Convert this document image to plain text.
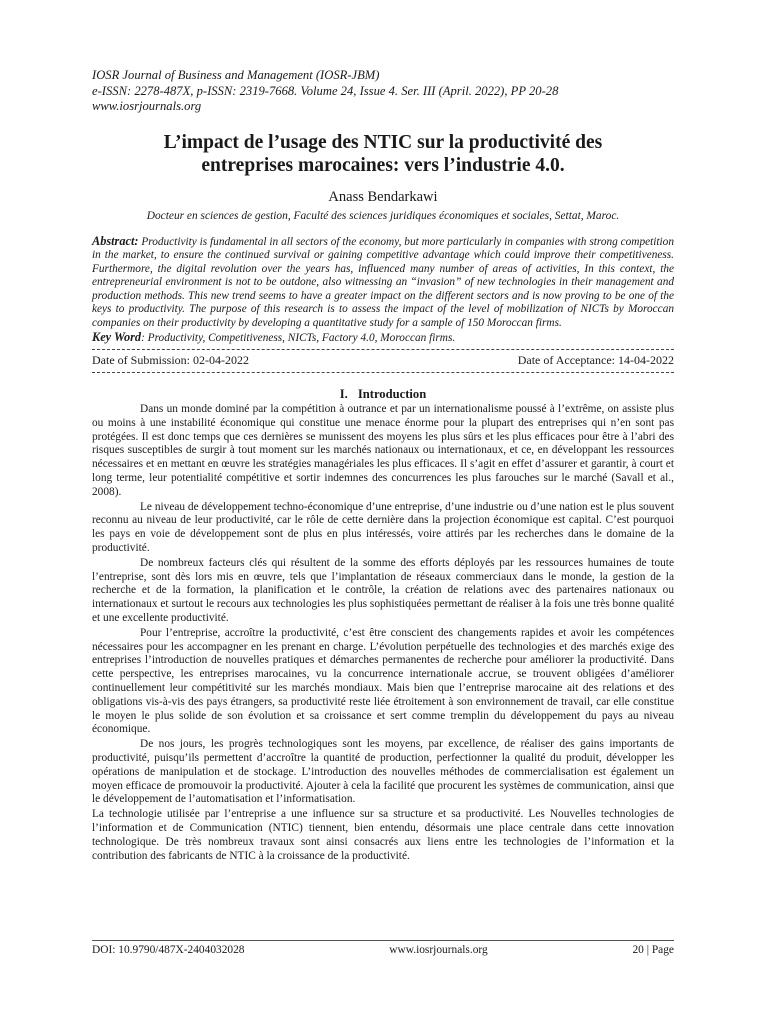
IOSR Journal of Business and Management (IOSR-JBM)
e-ISSN: 2278-487X, p-ISSN: 2319-7668. Volume 24, Issue 4. Ser. III (April. 2022), PP 20-28
www.iosrjournals.org
L’impact de l’usage des NTIC sur la productivité des
entreprises marocaines: vers l’industrie 4.0.
Anass Bendarkawi
Docteur en sciences de gestion, Faculté des sciences juridiques économiques et sociales, Settat, Maroc.
Abstract: Productivity is fundamental in all sectors of the economy, but more particularly in companies with strong competition in the market, to ensure the continued survival or gaining competitive advantage which could improve their competitiveness. Furthermore, the digital revolution over the years has, influenced many number of areas of activities, In this context, the entrepreneurial environment is not to be outdone, also witnessing an “invasion” of new technologies in their management and production methods. This new trend seems to have a greater impact on the different sectors and is now proving to be one of the keys to productivity. The purpose of this research is to assess the impact of the level of mobilization of NICTs by Moroccan companies on their productivity by developing a quantitative study for a sample of 150 Moroccan firms.
Key Word: Productivity, Competitiveness, NICTs, Factory 4.0, Moroccan firms.
Date of Submission: 02-04-2022	Date of Acceptance: 14-04-2022
I. Introduction

Dans un monde dominé par la compétition à outrance et par un internationalisme poussé à l’extrême, on assiste plus ou moins à une instabilité économique qui constitue une menace énorme pour la plupart des entreprises qui n’en sont pas protégées. Il est donc temps que ces dernières se munissent des moyens les plus sûrs et les plus efficaces pour être à l’abri des risques susceptibles de surgir à tout moment sur les marchés nationaux ou internationaux, et ce, en développant les ressources nécessaires et en mettant en œuvre les stratégies managériales les plus efficaces. Il s’agit en effet d’assurer et garantir, à court et long terme, leur potentialité compétitive et sortir indemnes des concurrences les plus farouches sur le marché (Savall et al., 2008).

Le niveau de développement techno-économique d’une entreprise, d’une industrie ou d’une nation est le plus souvent reconnu au niveau de leur productivité, car le rôle de cette dernière dans la projection économique est capital. C’est pourquoi les pays en voie de développement sont de plus en plus intéressés, voire attirés par les recherches dans le domaine de la productivité.

De nombreux facteurs clés qui résultent de la somme des efforts déployés par les ressources humaines de toute l’entreprise, sont dès lors mis en œuvre, tels que l’implantation de réseaux commerciaux dans le monde, la gestion de la recherche et de la formation, la planification et le contrôle, la création de relations avec des partenaires nationaux ou internationaux et surtout le recours aux technologies les plus sophistiquées permettant de réaliser à la fois une très bonne qualité et une excellente productivité.

Pour l’entreprise, accroître la productivité, c’est être conscient des changements rapides et avoir les compétences nécessaires pour les accompagner en les prenant en charge. L’évolution perpétuelle des technologies et des marchés exige des entreprises l’introduction de nouvelles pratiques et démarches permanentes de recherche pour améliorer la productivité. Dans cette perspective, les entreprises marocaines, vu la concurrence internationale accrue, se trouvent obligées d’améliorer continuellement leur compétitivité sur les marchés mondiaux. Mais bien que l’entreprise marocaine ait des relations et des obligations vis-à-vis des pays étrangers, sa productivité reste liée étroitement à son environnement de travail, car elle constitue le moyen le plus solide de son évolution et sa croissance et sert comme tremplin du développement du pays au niveau économique.

De nos jours, les progrès technologiques sont les moyens, par excellence, de réaliser des gains importants de productivité, puisqu’ils permettent d’accroître la quantité de production, perfectionner la qualité du produit, développer les opérations de manipulation et de stockage. L’introduction des nouvelles méthodes de commercialisation est également un moyen efficace de promouvoir la productivité. Ajouter à cela la facilité que procurent les systèmes de communication, ainsi que le développement de l’automatisation et l’informatisation.

La technologie utilisée par l’entreprise a une influence sur sa structure et sa productivité. Les Nouvelles technologies de l’information et de Communication (NTIC) tiennent, bien entendu, désormais une place centrale dans cette innovation technologique. De très nombreux travaux sont ainsi consacrés aux liens entre les technologies de l’information et la contribution des fabricants de NTIC à la croissance de la productivité.

DOI: 10.9790/487X-2404032028	www.iosrjournals.org	20 | Page
